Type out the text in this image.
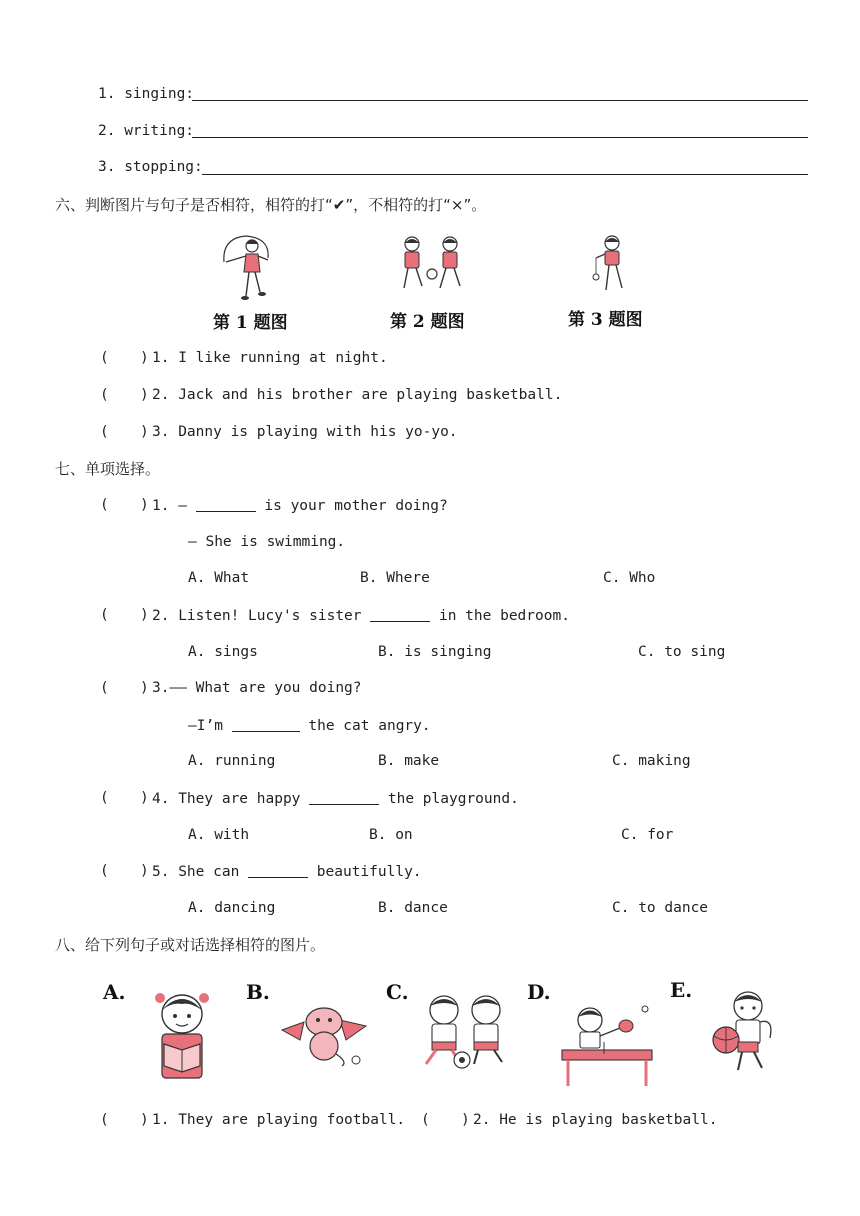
1. singing:
2. writing:
3. stopping:
六、判断图片与句子是否相符，相符的打“✔”，不相符的打“×”。
第 1 题图	第 2 题图	第 3 题图
( ) 1. I like running at night.
( ) 2. Jack and his brother are playing basketball.
( ) 3. Danny is playing with his yo-yo.
七、单项选择。
( ) 1. —	is your mother doing?
— She is swimming.
A. What	B. Where	C. Who
( ) 2. Listen! Lucy's sister	in the bedroom.
A. sings	B. is singing	C. to sing
( ) 3.—— What are you doing?
—I’m	the cat angry.
A. running	B. make	C. making
( ) 4. They are happy	the playground.
A. with	B. on	C. for
( ) 5. She can	beautifully.
A. dancing	B. dance	C. to dance
八、给下列句子或对话选择相符的图片。
A.	B.	C.	D.	E.
( ) 1. They are playing football. ( ) 2. He is playing basketball.
